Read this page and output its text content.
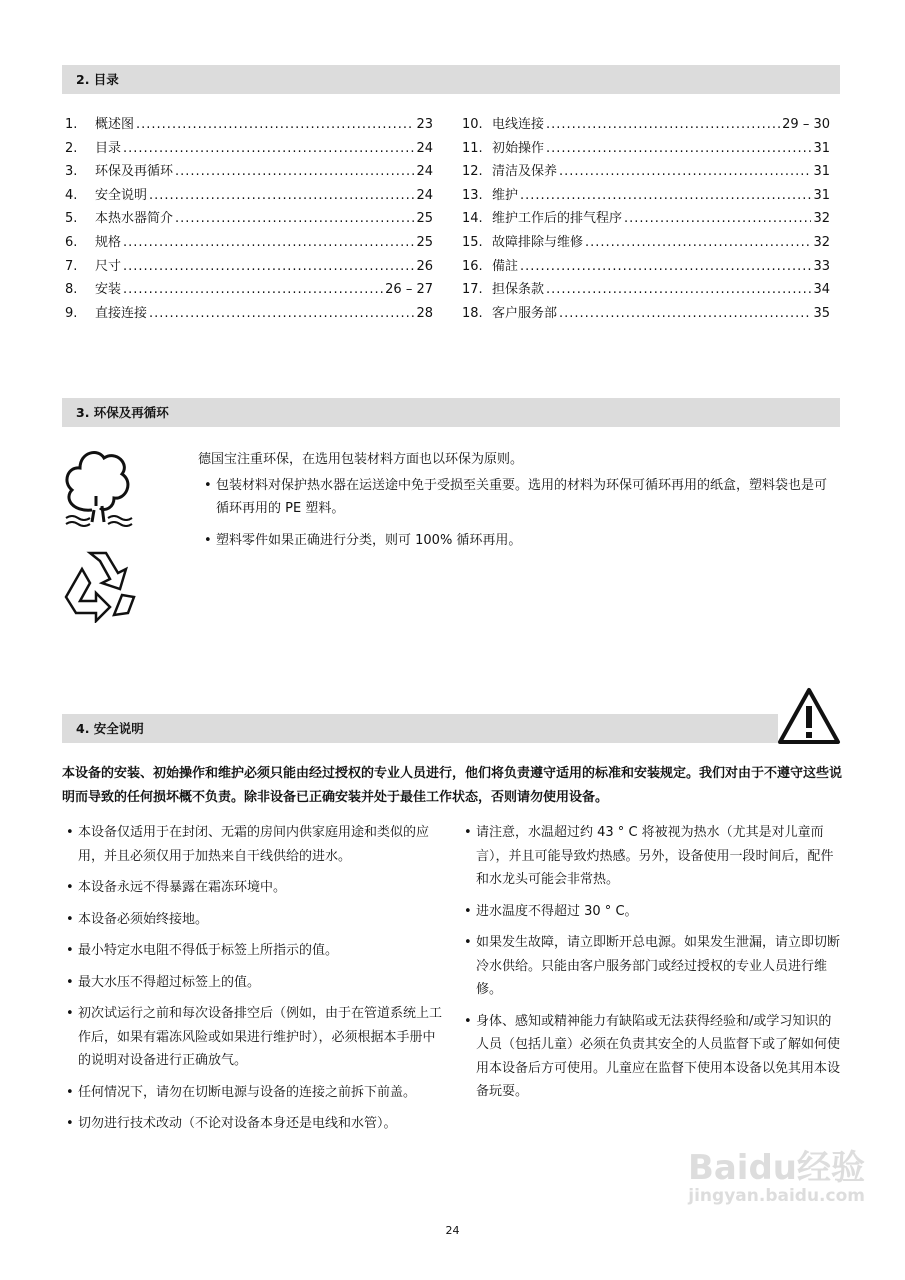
2. 目录
1.	概述图 .....	23
2.	目录 .....	24
3.	环保及再循环 .....	24
4.	安全说明 .....	24
5.	本热水器简介 .....	25
6.	规格 .....	25
7.	尺寸 .....	26
8.	安装 .....	26 – 27
9.	直接连接 .....	28
10. 电线连接 .....	29 – 30
11. 初始操作 .....	31
12. 清洁及保养 .....	31
13. 维护 .....	31
14. 维护工作后的排气程序 .....	32
15. 故障排除与维修 .....	32
16. 備註 .....	33
17. 担保条款 .....	34
18. 客户服务部 .....	35
3. 环保及再循环
德国宝注重环保，在选用包装材料方面也以环保为原则。
• 包装材料对保护热水器在运送途中免于受损至关重要。选用的材料为环保可循环再用的纸盒，塑料袋也是可循环再用的 PE 塑料。
• 塑料零件如果正确进行分类，则可 100% 循环再用。
4. 安全说明
本设备的安装、初始操作和维护必须只能由经过授权的专业人员进行，他们将负责遵守适用的标准和安装规定。我们对由于不遵守这些说明而导致的任何损坏概不负责。除非设备已正确安装并处于最佳工作状态，否则请勿使用设备。
• 本设备仅适用于在封闭、无霜的房间内供家庭用途和类似的应用，并且必须仅用于加热来自干线供给的进水。
• 本设备永远不得暴露在霜冻环境中。
• 本设备必须始终接地。
• 最小特定水电阻不得低于标签上所指示的值。
• 最大水压不得超过标签上的值。
• 初次试运行之前和每次设备排空后（例如，由于在管道系统上工作后，如果有霜冻风险或如果进行维护时），必须根据本手册中的说明对设备进行正确放气。
• 任何情况下，请勿在切断电源与设备的连接之前拆下前盖。
• 切勿进行技术改动（不论对设备本身还是电线和水管）。
• 请注意，水温超过约 43 ° C 将被视为热水（尤其是对儿童而言），并且可能导致灼热感。另外，设备使用一段时间后，配件和水龙头可能会非常热。
• 进水温度不得超过 30 ° C。
• 如果发生故障，请立即断开总电源。如果发生泄漏，请立即切断冷水供给。只能由客户服务部门或经过授权的专业人员进行维修。
• 身体、感知或精神能力有缺陷或无法获得经验和/或学习知识的人员（包括儿童）必须在负责其安全的人员监督下或了解如何使用本设备后方可使用。儿童应在监督下使用本设备以免其用本设备玩耍。
24
Baidu经验
jingyan.baidu.com
